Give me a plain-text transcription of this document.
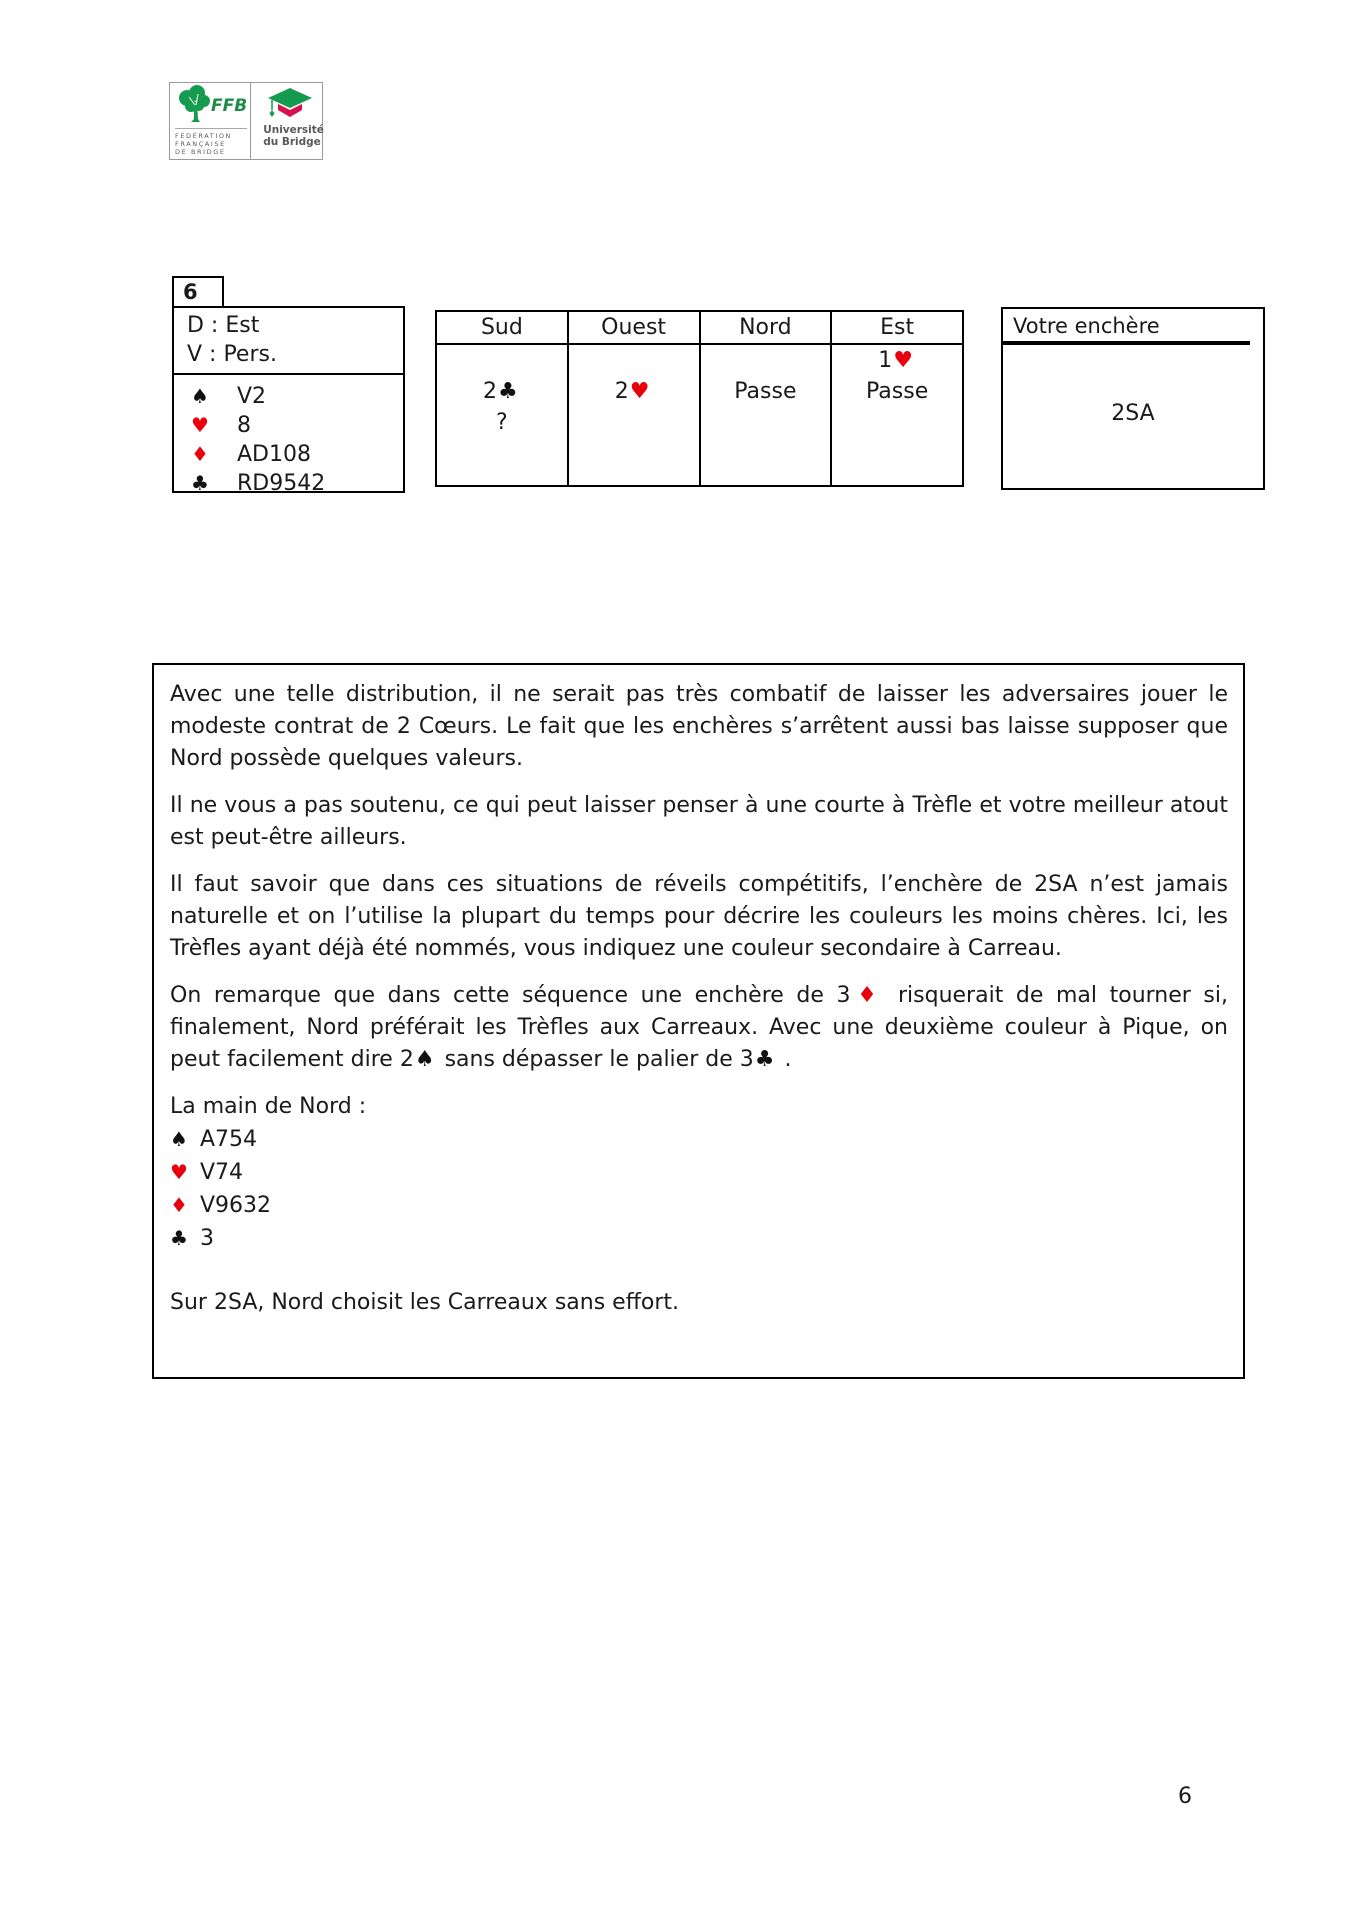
FFB
FÉDÉRATION
FRANÇAISE
DE BRIDGE
Université
du Bridge
6
D : Est
V : Pers.
♠ V2
♥ 8
♦ AD108
♣ RD9542
Sud
2♣
?
Ouest
2♥
Nord
Passe
Est
1♥
Passe
Votre enchère
2SA

Avec une telle distribution, il ne serait pas très combatif de laisser les adversaires jouer le modeste contrat de 2 Cœurs. Le fait que les enchères s’arrêtent aussi bas laisse supposer que Nord possède quelques valeurs.

Il ne vous a pas soutenu, ce qui peut laisser penser à une courte à Trèfle et votre meilleur atout est peut-être ailleurs.

Il faut savoir que dans ces situations de réveils compétitifs, l’enchère de 2SA n’est jamais naturelle et on l’utilise la plupart du temps pour décrire les couleurs les moins chères. Ici, les Trèfles ayant déjà été nommés, vous indiquez une couleur secondaire à Carreau.

On remarque que dans cette séquence une enchère de 3♦ risquerait de mal tourner si, finalement, Nord préférait les Trèfles aux Carreaux. Avec une deuxième couleur à Pique, on peut facilement dire 2♠ sans dépasser le palier de 3♣ .

La main de Nord :

♠ A754
♥ V74
♦ V9632
♣ 3

Sur 2SA, Nord choisit les Carreaux sans effort.

6
